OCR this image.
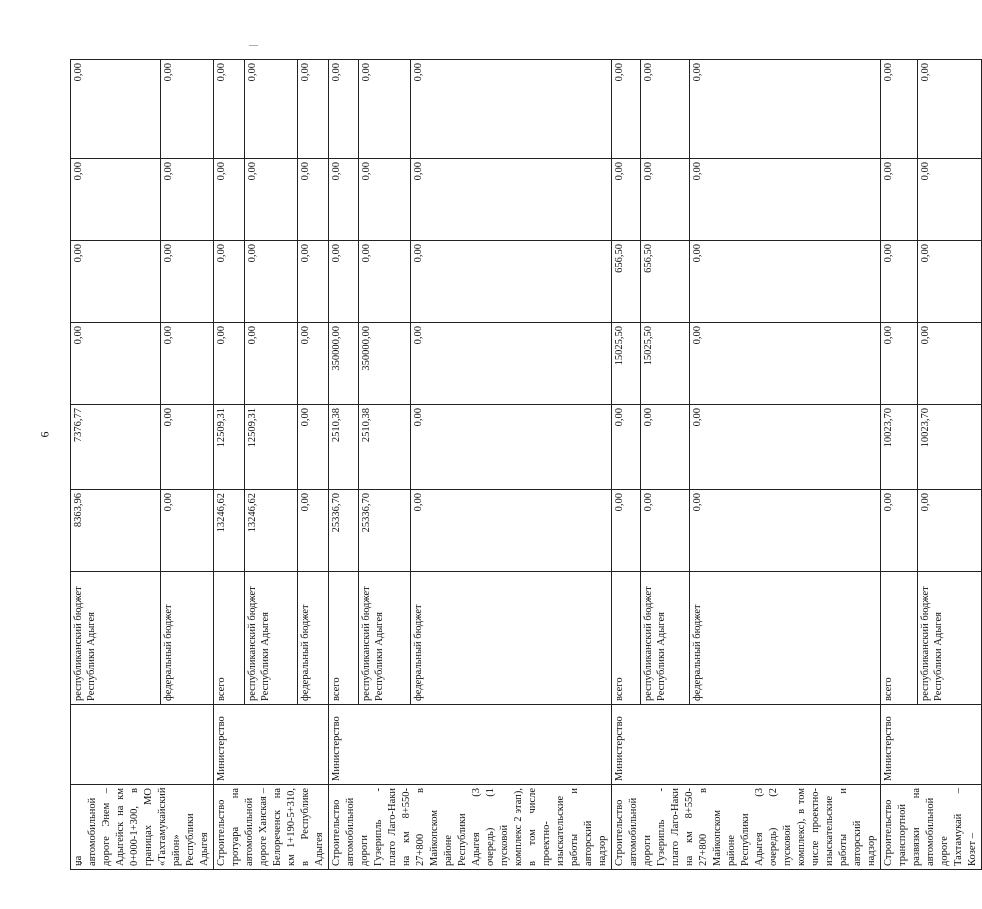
—
6
на автомобильной дороге Энем – Адыгейск на км 0+000-1+300, в границах МО «Тахтамукайский район» Республики Адыгея		республиканский бюджет Республики Адыгея	8363,96	7376,77	0,00	0,00	0,00	0,00
		федеральный бюджет	0,00	0,00	0,00	0,00	0,00	0,00
Строительство тротуара на автомобильной дороге Ханская – Белореченск на км 1+190-5+310, в Республике Адыгея	Министерство	всего	13246,62	12509,31	0,00	0,00	0,00	0,00
		республиканский бюджет Республики Адыгея	13246,62	12509,31	0,00	0,00	0,00	0,00
		федеральный бюджет	0,00	0,00	0,00	0,00	0,00	0,00
Строительство автомобильной дороги Гузерипль - плато Лаго-Наки на км 8+550-27+800 в Майкопском районе Республики Адыгея (3 очередь) (1 пусковой комплекс 2 этап), в том числе проектно-изыскательские работы и авторский надзор	Министерство	всего	25336,70	2510,38	350000,00	0,00	0,00	0,00
		республиканский бюджет Республики Адыгея	25336,70	2510,38	350000,00	0,00	0,00	0,00
		федеральный бюджет	0,00	0,00	0,00	0,00	0,00	0,00
Строительство автомобильной дороги Гузерипль - плато Лаго-Наки на км 8+550-27+800 в Майкопском районе Республики Адыгея (3 очередь) (2 пусковой комплекс), в том числе проектно-изыскательские работы и авторский надзор	Министерство	всего	0,00	0,00	15025,50	656,50	0,00	0,00
		республиканский бюджет Республики Адыгея	0,00	0,00	15025,50	656,50	0,00	0,00
		федеральный бюджет	0,00	0,00	0,00	0,00	0,00	0,00
Строительство транспортной развязки на автомобильной дороге Тахтамукай – Козет –	Министерство	всего	0,00	10023,70	0,00	0,00	0,00	0,00
		республиканский бюджет Республики Адыгея	0,00	10023,70	0,00	0,00	0,00	0,00
